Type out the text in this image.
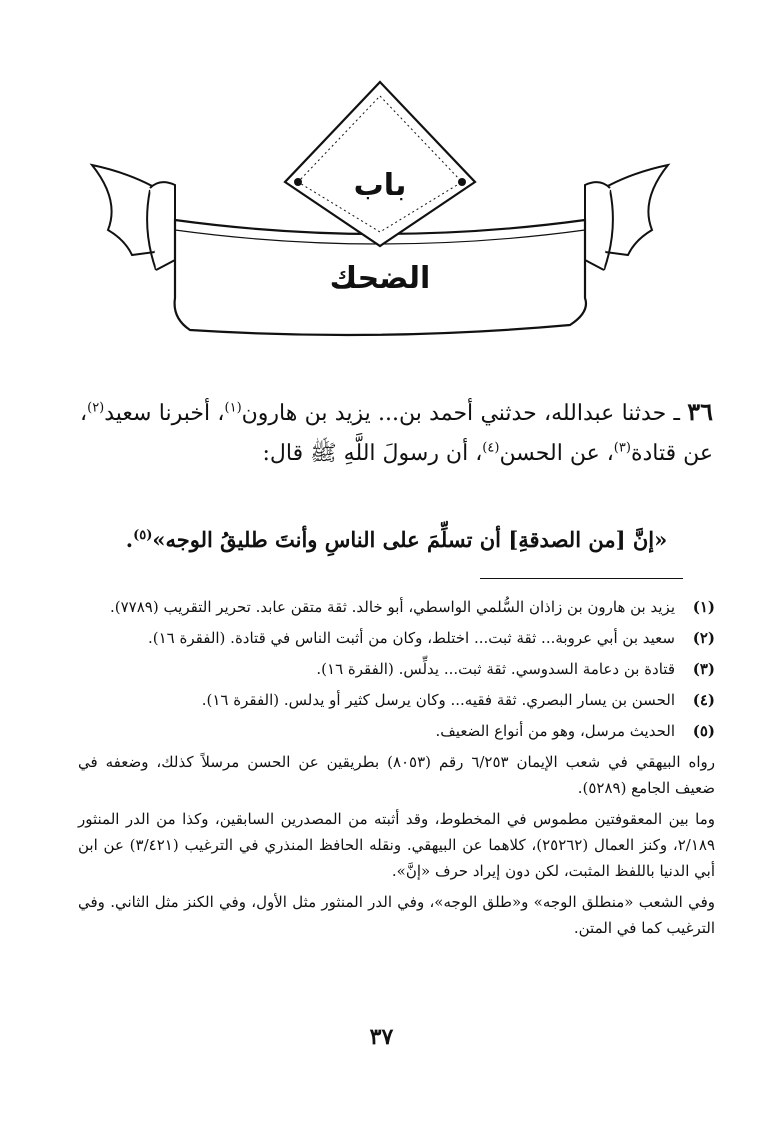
باب
الضحك
٣٦ ـ حدثنا عبدالله، حدثني أحمد بن... يزيد بن هارون$^{(١)}$، أخبرنا سعيد$^{(٢)}$، عن قتادة$^{(٣)}$، عن الحسن$^{(٤)}$، أن رسولَ اللَّهِ ﷺ قال:
«إنَّ [من الصدقةِ] أن تسلِّمَ على الناسِ وأنتَ طليقُ الوجه»$^{(٥)}$.
(١)
يزيد بن هارون بن زاذان السُّلمي الواسطي، أبو خالد. ثقة متقن عابد. تحرير التقريب (٧٧٨٩).
(٢)
سعيد بن أبي عروبة... ثقة ثبت... اختلط، وكان من أثبت الناس في قتادة. (الفقرة ١٦).
(٣)
قتادة بن دعامة السدوسي. ثقة ثبت... يدلِّس. (الفقرة ١٦).
(٤)
الحسن بن يسار البصري. ثقة فقيه... وكان يرسل كثير أو يدلس. (الفقرة ١٦).
(٥)
الحديث مرسل، وهو من أنواع الضعيف.
رواه البيهقي في شعب الإيمان ٦/٢٥٣ رقم (٨٠٥٣) بطريقين عن الحسن مرسلاً كذلك، وضعفه في ضعيف الجامع (٥٢٨٩).
وما بين المعقوفتين مطموس في المخطوط، وقد أثبته من المصدرين السابقين، وكذا من الدر المنثور ٢/١٨٩، وكنز العمال (٢٥٢٦٢)، كلاهما عن البيهقي. ونقله الحافظ المنذري في الترغيب (٣/٤٢١) عن ابن أبي الدنيا باللفظ المثبت، لكن دون إيراد حرف «إنَّ».
وفي الشعب «منطلق الوجه» و«طلق الوجه»، وفي الدر المنثور مثل الأول، وفي الكنز مثل الثاني. وفي الترغيب كما في المتن.
٣٧
